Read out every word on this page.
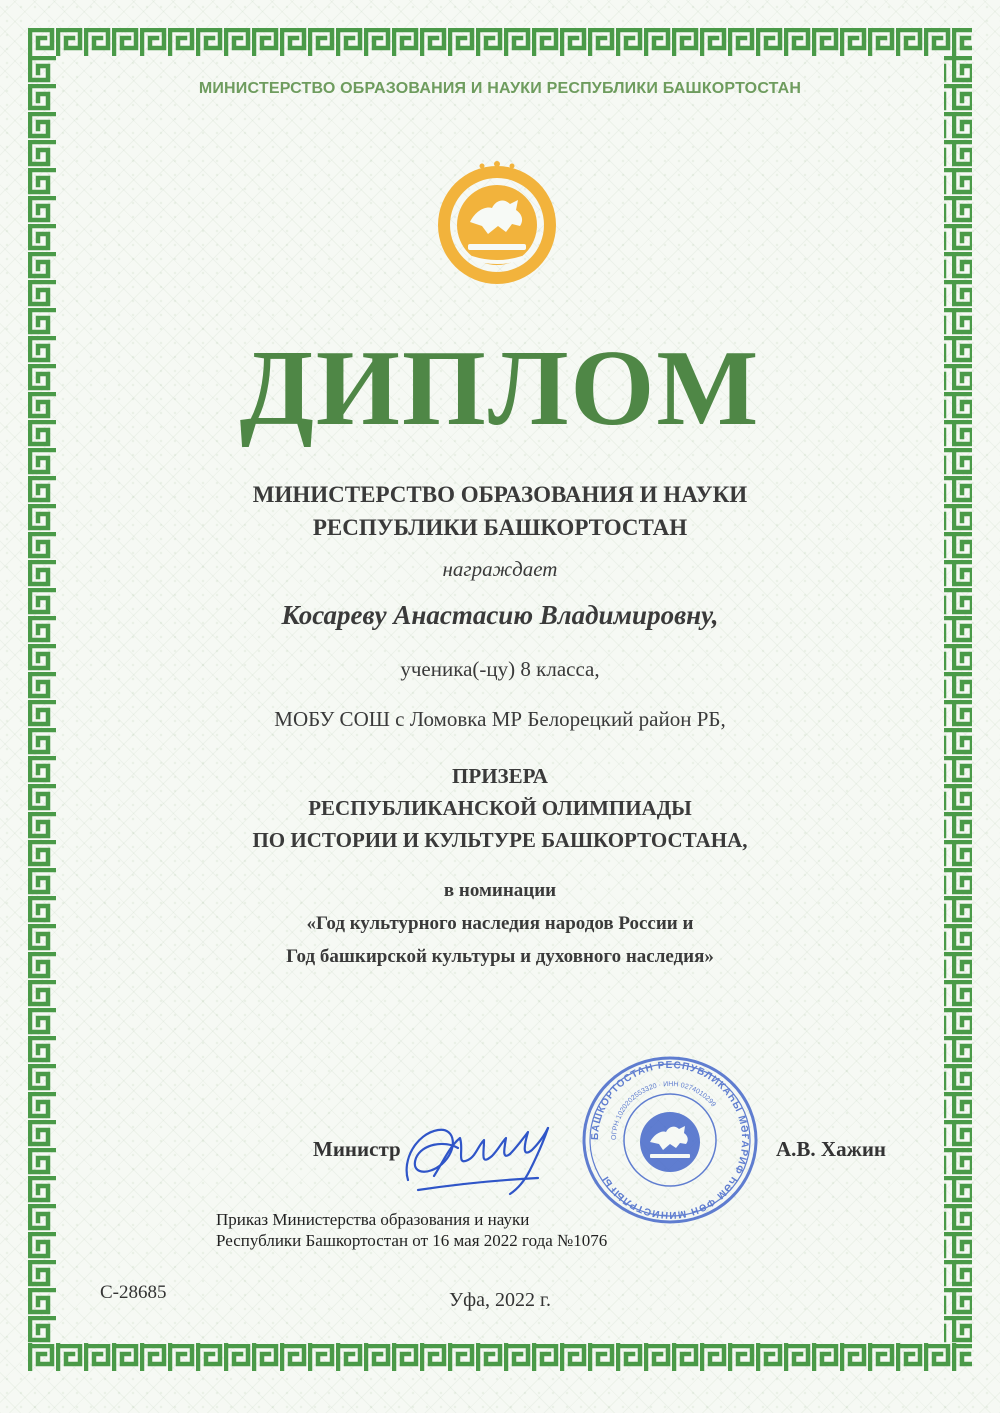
МИНИСТЕРСТВО ОБРАЗОВАНИЯ И НАУКИ РЕСПУБЛИКИ БАШКОРТОСТАН
ДИПЛОМ
МИНИСТЕРСТВО ОБРАЗОВАНИЯ И НАУКИ
РЕСПУБЛИКИ БАШКОРТОСТАН
награждает
Косареву Анастасию Владимировну,
ученика(-цу) 8 класса,
МОБУ СОШ с Ломовка МР Белорецкий район РБ,
ПРИЗЕРА
РЕСПУБЛИКАНСКОЙ ОЛИМПИАДЫ
ПО ИСТОРИИ И КУЛЬТУРЕ БАШКОРТОСТАНА,
в номинации
«Год культурного наследия народов России и
Год башкирской культуры и духовного наследия»
БАШКОРТОСТАН РЕСПУБЛИКАҺЫ МӘҒАРИФ ҺӘМ ФӘН МИНИСТРЛЫҒЫ
ОГРН 1020202553320 · ИНН 0274010299
Министр	А.В. Хажин
Приказ Министерства образования и науки
Республики Башкортостан от 16 мая 2022 года №1076
С-28685	Уфа, 2022 г.
